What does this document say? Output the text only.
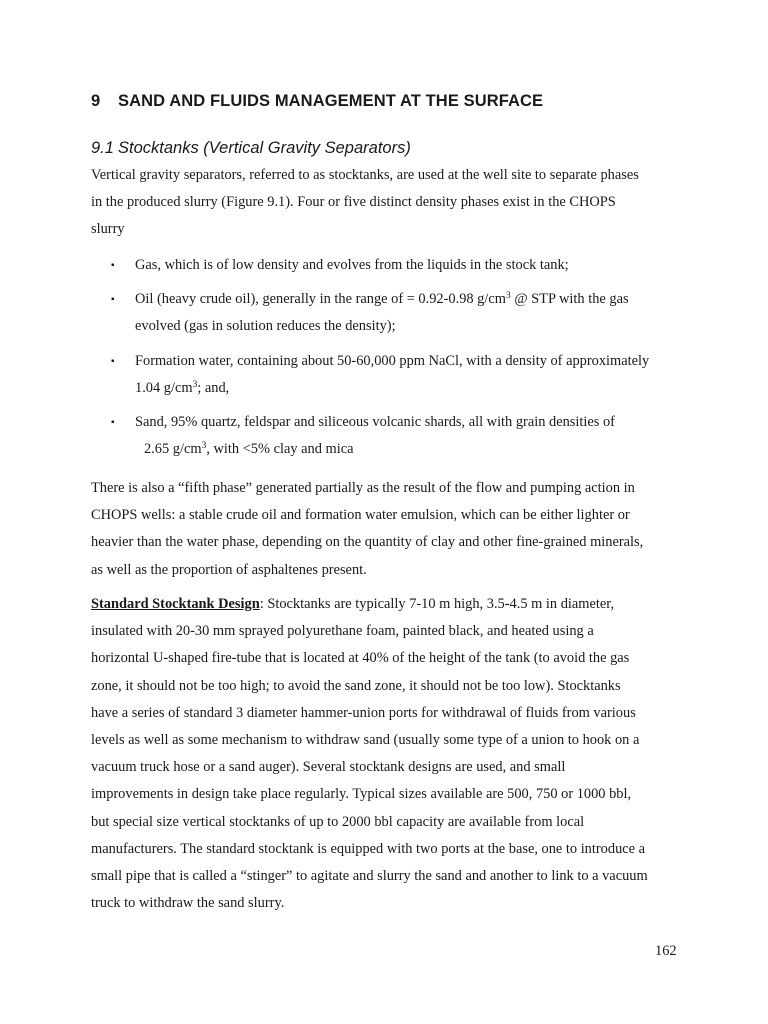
9 SAND AND FLUIDS MANAGEMENT AT THE SURFACE
9.1 Stocktanks (Vertical Gravity Separators)

Vertical gravity separators, referred to as stocktanks, are used at the well site to separate phases
in the produced slurry (Figure 9.1). Four or five distinct density phases exist in the CHOPS
slurry

▪ Gas, which is of low density and evolves from the liquids in the stock tank;
▪ Oil (heavy crude oil), generally in the range of = 0.92-0.98 $g/cm^3$ @ STP with the gas
evolved (gas in solution reduces the density);
▪ Formation water, containing about 50-60,000 ppm NaCl, with a density of approximately
1.04 $g/cm^3$; and,
▪ Sand, 95% quartz, feldspar and siliceous volcanic shards, all with grain densities of
2.65 $g/cm^3$, with <5% clay and mica

There is also a “fifth phase” generated partially as the result of the flow and pumping action in
CHOPS wells: a stable crude oil and formation water emulsion, which can be either lighter or
heavier than the water phase, depending on the quantity of clay and other fine-grained minerals,
as well as the proportion of asphaltenes present.

Standard Stocktank Design: Stocktanks are typically 7-10 m high, 3.5-4.5 m in diameter,
insulated with 20-30 mm sprayed polyurethane foam, painted black, and heated using a
horizontal U-shaped fire-tube that is located at 40% of the height of the tank (to avoid the gas
zone, it should not be too high; to avoid the sand zone, it should not be too low). Stocktanks
have a series of standard 3 diameter hammer-union ports for withdrawal of fluids from various
levels as well as some mechanism to withdraw sand (usually some type of a union to hook on a
vacuum truck hose or a sand auger). Several stocktank designs are used, and small
improvements in design take place regularly. Typical sizes available are 500, 750 or 1000 bbl,
but special size vertical stocktanks of up to 2000 bbl capacity are available from local
manufacturers. The standard stocktank is equipped with two ports at the base, one to introduce a
small pipe that is called a “stinger” to agitate and slurry the sand and another to link to a vacuum
truck to withdraw the sand slurry.

162
